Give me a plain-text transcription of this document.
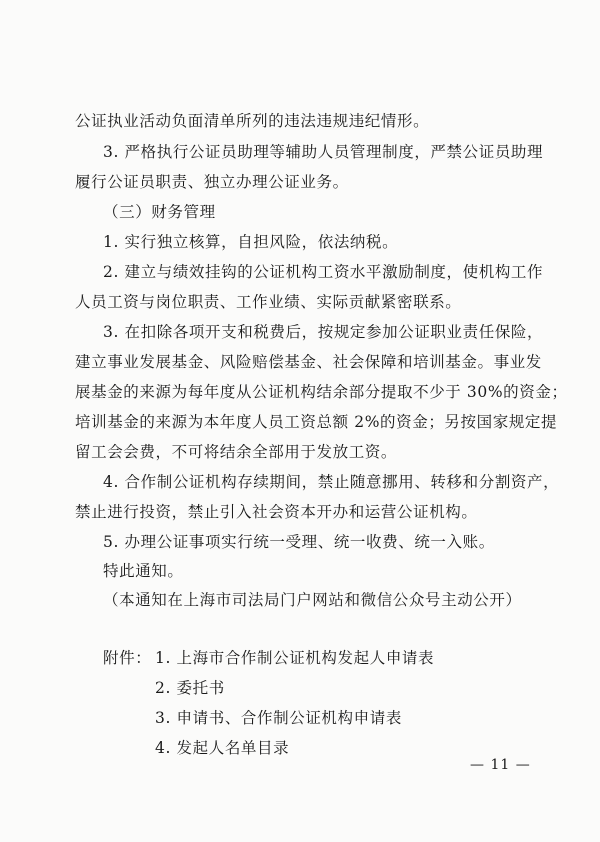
公证执业活动负面清单所列的违法违规违纪情形。
3. 严格执行公证员助理等辅助人员管理制度，严禁公证员助理
履行公证员职责、独立办理公证业务。
（三）财务管理
1. 实行独立核算，自担风险，依法纳税。
2. 建立与绩效挂钩的公证机构工资水平激励制度，使机构工作
人员工资与岗位职责、工作业绩、实际贡献紧密联系。
3. 在扣除各项开支和税费后，按规定参加公证职业责任保险，
建立事业发展基金、风险赔偿基金、社会保障和培训基金。事业发
展基金的来源为每年度从公证机构结余部分提取不少于 30%的资金；
培训基金的来源为本年度人员工资总额 2%的资金；另按国家规定提
留工会会费，不可将结余全部用于发放工资。
4. 合作制公证机构存续期间，禁止随意挪用、转移和分割资产，
禁止进行投资，禁止引入社会资本开办和运营公证机构。
5. 办理公证事项实行统一受理、统一收费、统一入账。
特此通知。
（本通知在上海市司法局门户网站和微信公众号主动公开）
附件： 1. 上海市合作制公证机构发起人申请表
2. 委托书
3. 申请书、合作制公证机构申请表
4. 发起人名单目录
— 11 —
